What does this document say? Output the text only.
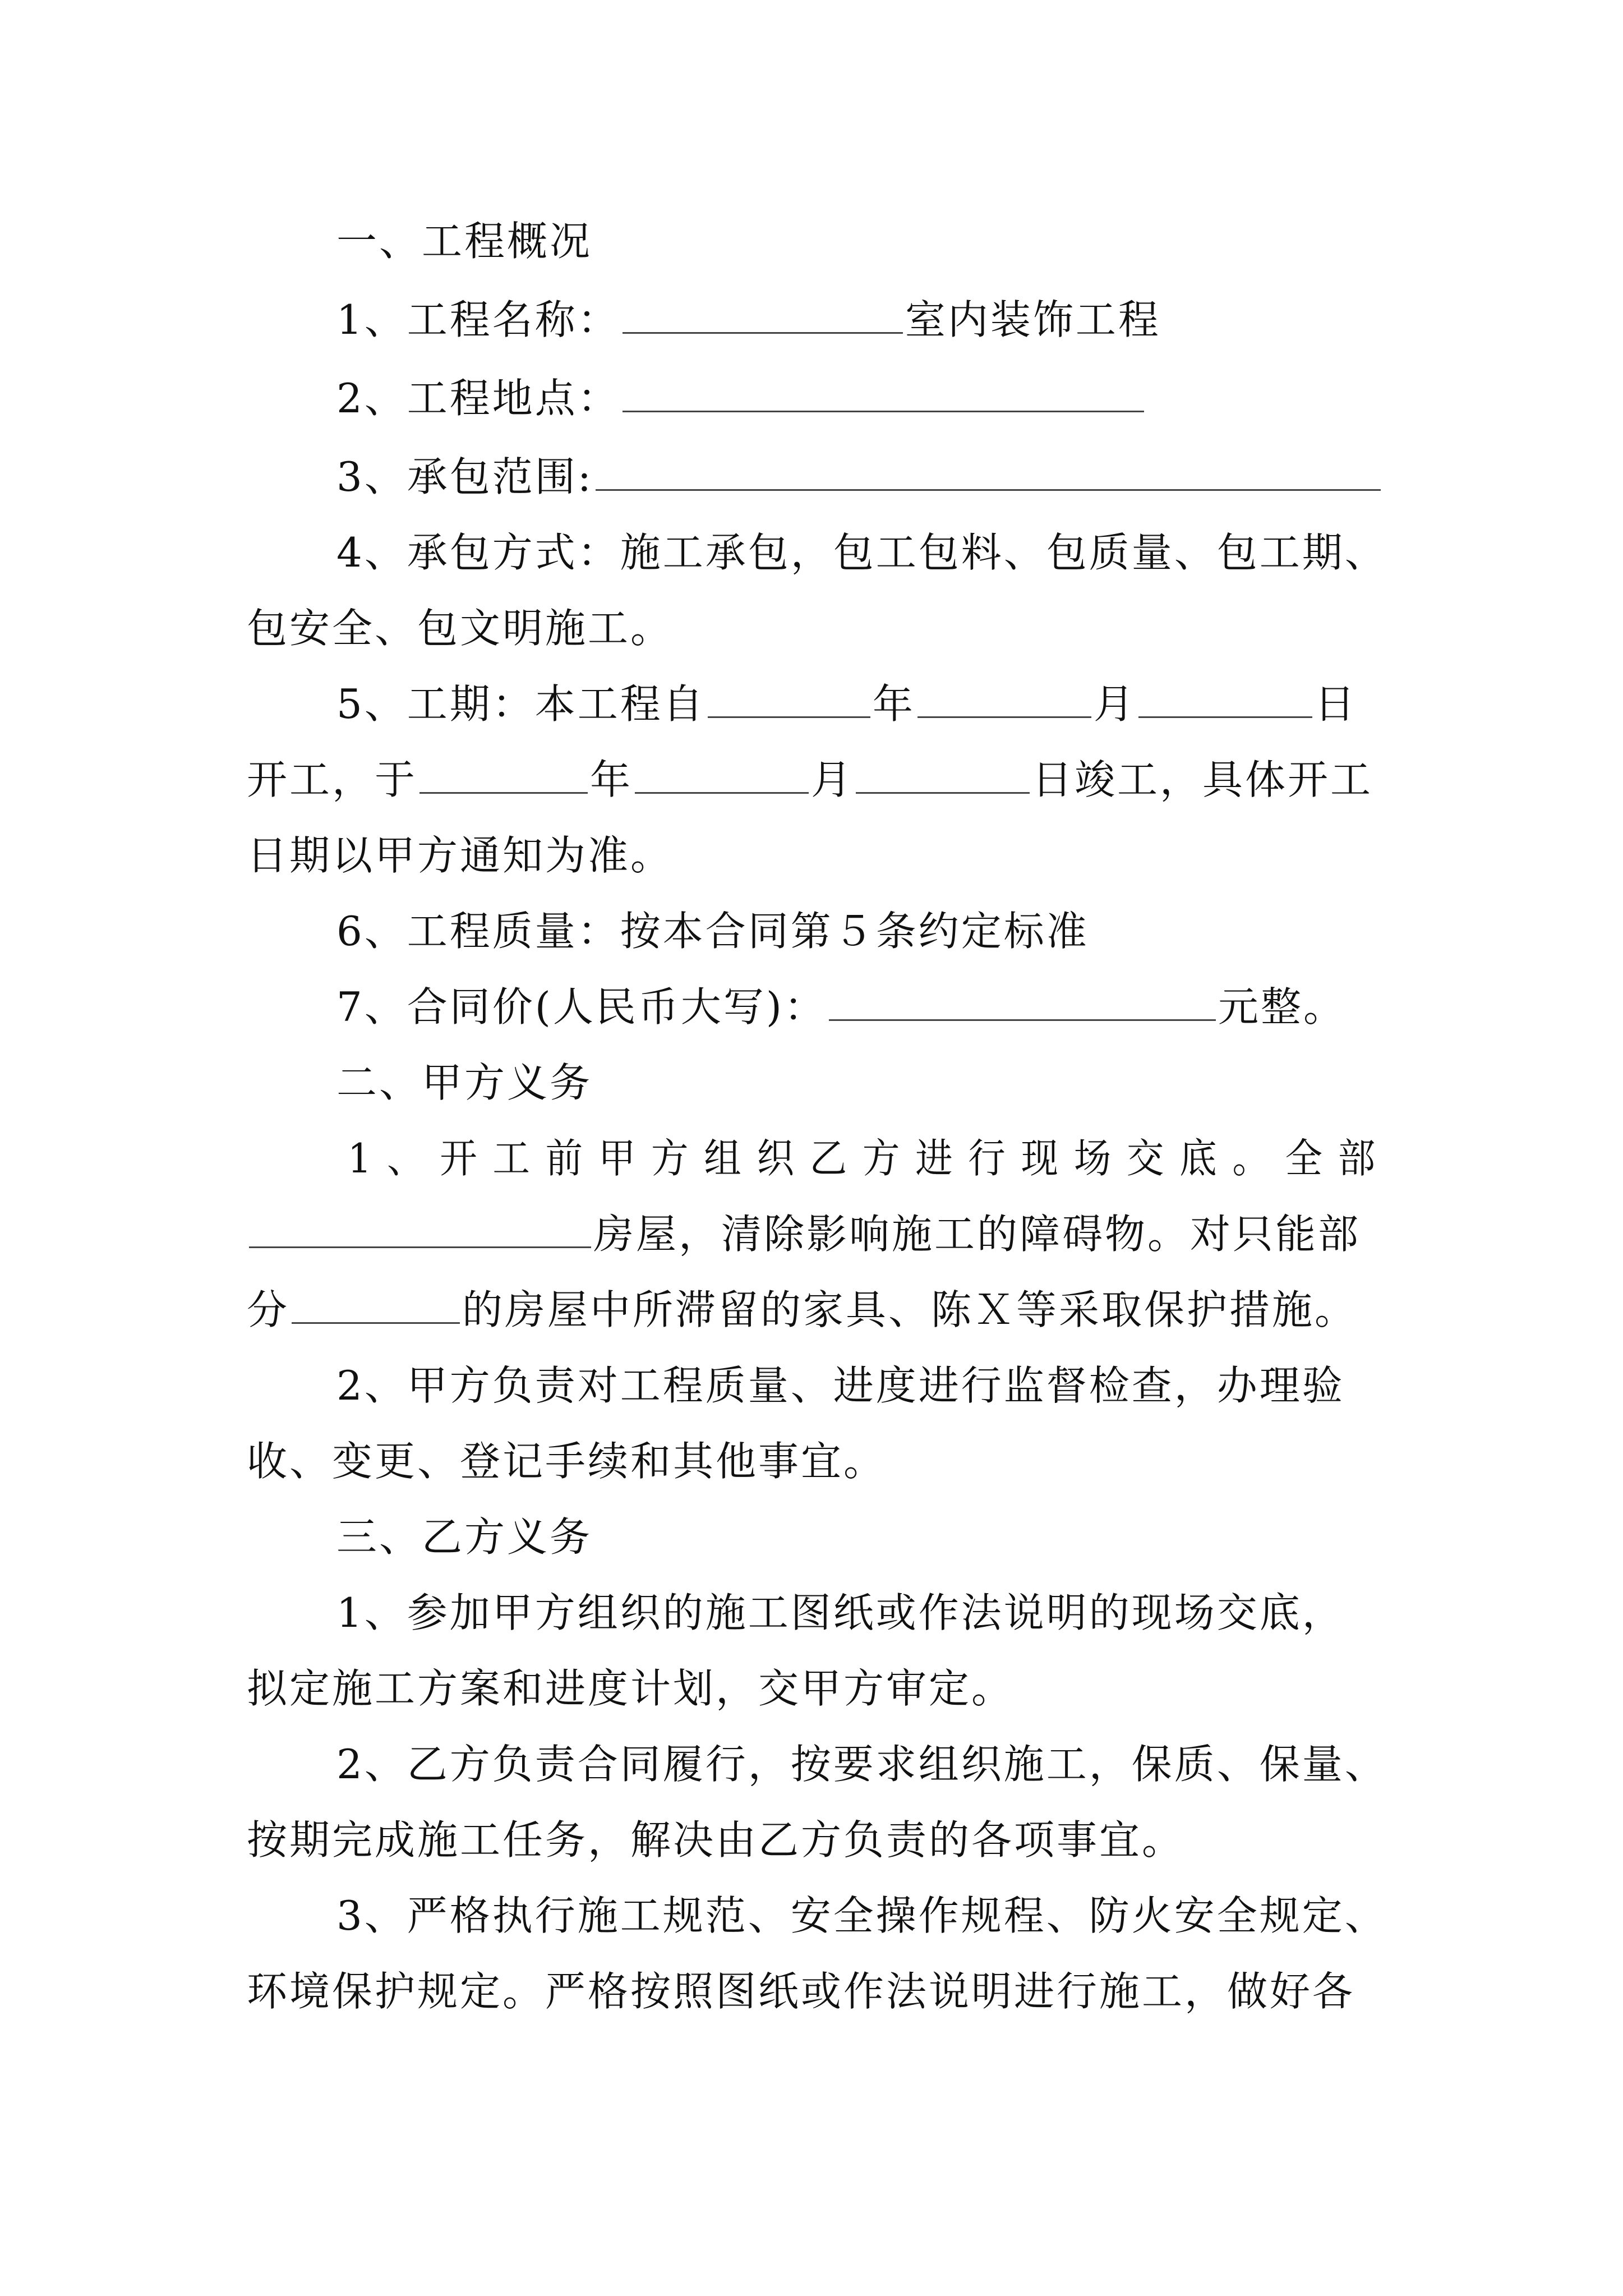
一、工程概况
1、工程名称：	室内装饰工程
2、工程地点：
3、承包范围:
4、承包方式：施工承包，包工包料、包质量、包工期、
包安全、包文明施工。
5、工期：本工程自	年	月	日
开工，于	年	月	日竣工，具体开工
日期以甲方通知为准。
6、工程质量：按本合同第５条约定标准
7、合同价(人民币大写)：	元整。
二、甲方义务
1、开工前甲方组织乙方进行现场交底。全部
房屋，清除影响施工的障碍物。对只能部
分	的房屋中所滞留的家具、陈Ｘ等采取保护措施。
2、甲方负责对工程质量、进度进行监督检查，办理验
收、变更、登记手续和其他事宜。
三、乙方义务
1、参加甲方组织的施工图纸或作法说明的现场交底，
拟定施工方案和进度计划，交甲方审定。
2、乙方负责合同履行，按要求组织施工，保质、保量、
按期完成施工任务，解决由乙方负责的各项事宜。
3、严格执行施工规范、安全操作规程、防火安全规定、
环境保护规定。严格按照图纸或作法说明进行施工，做好各
